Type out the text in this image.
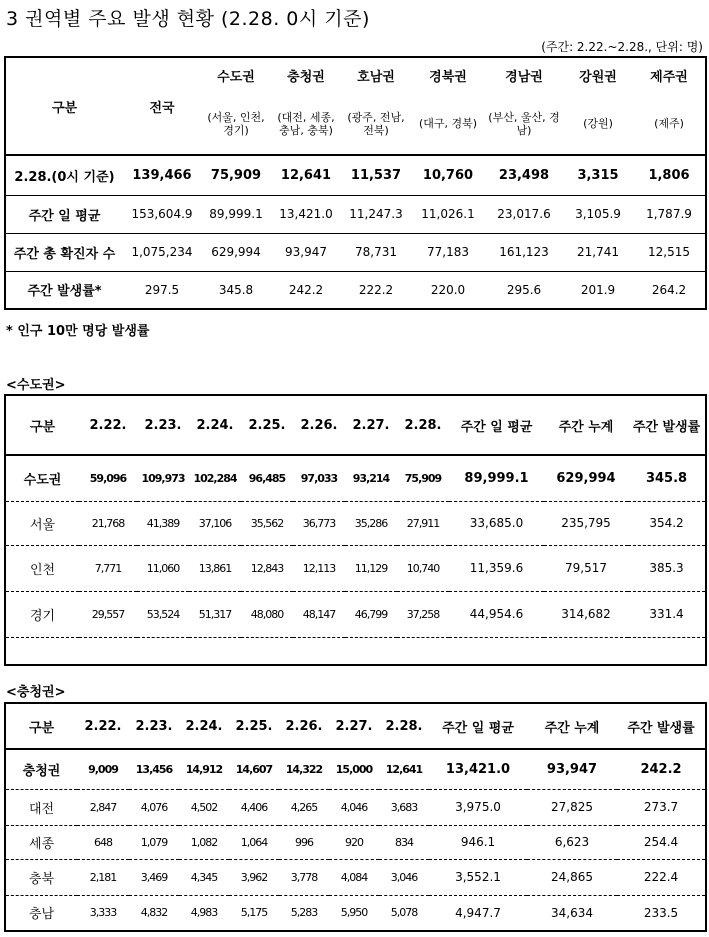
3 권역별 주요 발생 현황 (2.28. 0시 기준)
(주간: 2.22.~2.28., 단위: 명)
구분	전국	수도권	충청권	호남권	경북권	경남권	강원권	제주권
		(서울, 인천, 경기)	(대전, 세종, 충남, 충북)	(광주, 전남, 전북)	(대구, 경북)	(부산, 울산, 경남)	(강원)	(제주)
2.28.(0시 기준)	139,466	75,909	12,641	11,537	10,760	23,498	3,315	1,806
주간 일 평균	153,604.9	89,999.1	13,421.0	11,247.3	11,026.1	23,017.6	3,105.9	1,787.9
주간 총 확진자 수	1,075,234	629,994	93,947	78,731	77,183	161,123	21,741	12,515
주간 발생률*	297.5	345.8	242.2	222.2	220.0	295.6	201.9	264.2
* 인구 10만 명당 발생률
<수도권>
구분	2.22.	2.23.	2.24.	2.25.	2.26.	2.27.	2.28.	주간 일 평균	주간 누계	주간 발생률
수도권	59,096	109,973	102,284	96,485	97,033	93,214	75,909	89,999.1	629,994	345.8
서울	21,768	41,389	37,106	35,562	36,773	35,286	27,911	33,685.0	235,795	354.2
인천	7,771	11,060	13,861	12,843	12,113	11,129	10,740	11,359.6	79,517	385.3
경기	29,557	53,524	51,317	48,080	48,147	46,799	37,258	44,954.6	314,682	331.4

<충청권>
구분	2.22.	2.23.	2.24.	2.25.	2.26.	2.27.	2.28.	주간 일 평균	주간 누계	주간 발생률
충청권	9,009	13,456	14,912	14,607	14,322	15,000	12,641	13,421.0	93,947	242.2
대전	2,847	4,076	4,502	4,406	4,265	4,046	3,683	3,975.0	27,825	273.7
세종	648	1,079	1,082	1,064	996	920	834	946.1	6,623	254.4
충북	2,181	3,469	4,345	3,962	3,778	4,084	3,046	3,552.1	24,865	222.4
충남	3,333	4,832	4,983	5,175	5,283	5,950	5,078	4,947.7	34,634	233.5
